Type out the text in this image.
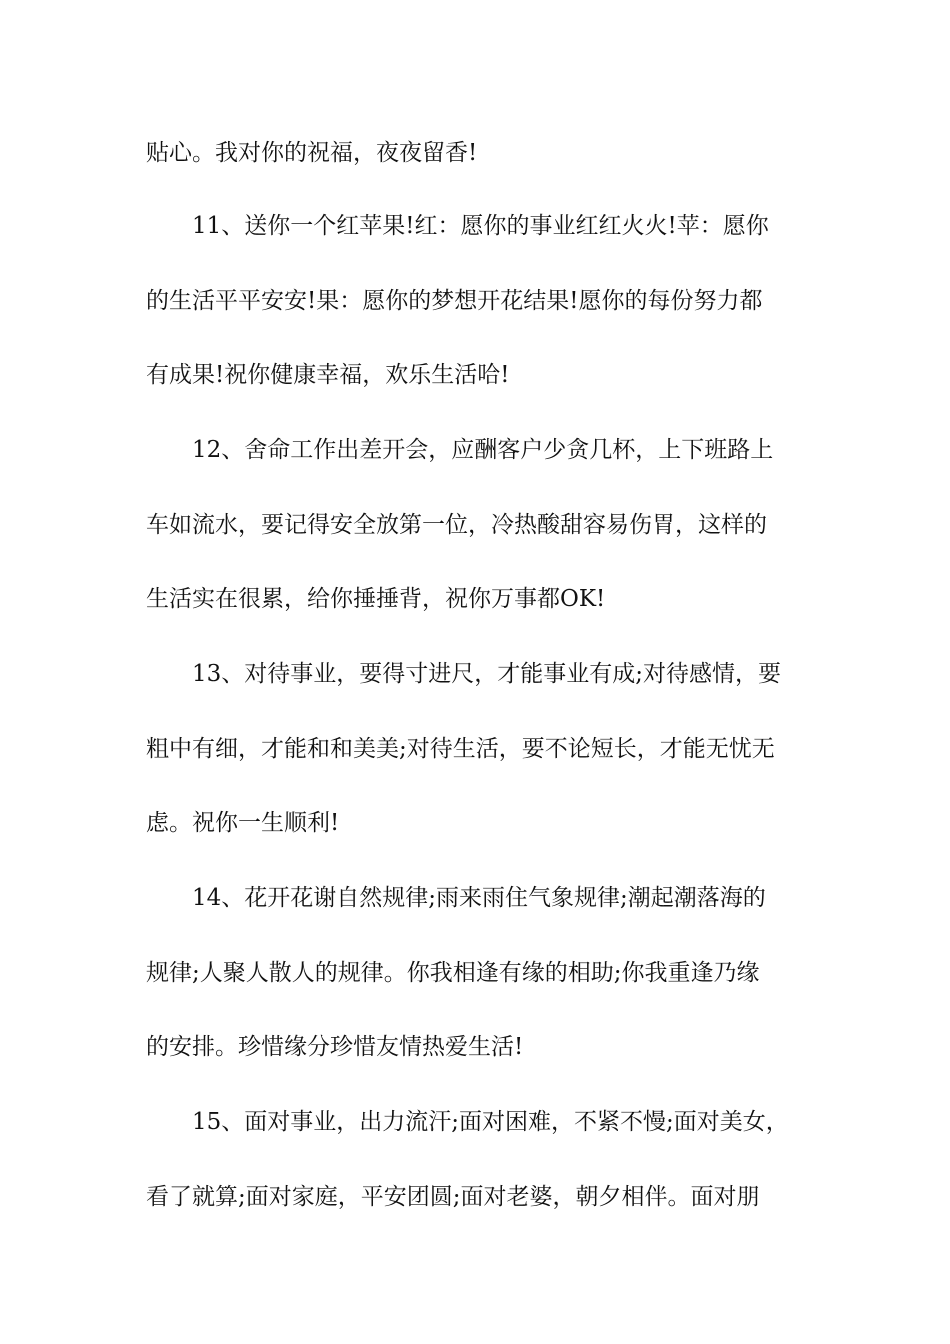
贴心。我对你的祝福，夜夜留香!
11、送你一个红苹果!红：愿你的事业红红火火!苹：愿你
的生活平平安安!果：愿你的梦想开花结果!愿你的每份努力都
有成果!祝你健康幸福，欢乐生活哈!
12、舍命工作出差开会，应酬客户少贪几杯，上下班路上
车如流水，要记得安全放第一位，冷热酸甜容易伤胃，这样的
生活实在很累，给你捶捶背，祝你万事都OK!
13、对待事业，要得寸进尺，才能事业有成;对待感情，要
粗中有细，才能和和美美;对待生活，要不论短长，才能无忧无
虑。祝你一生顺利!
14、花开花谢自然规律;雨来雨住气象规律;潮起潮落海的
规律;人聚人散人的规律。你我相逢有缘的相助;你我重逢乃缘
的安排。珍惜缘分珍惜友情热爱生活!
15、面对事业，出力流汗;面对困难，不紧不慢;面对美女，
看了就算;面对家庭，平安团圆;面对老婆，朝夕相伴。面对朋
